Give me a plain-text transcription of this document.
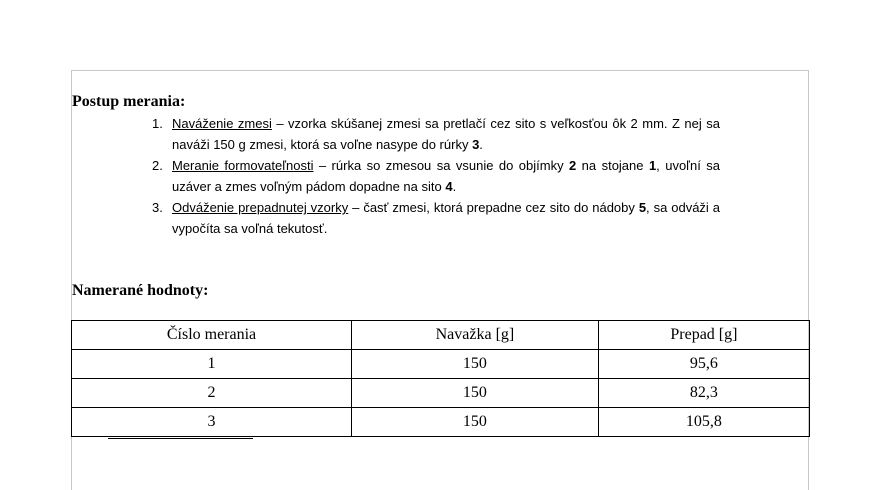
Postup merania:
1. Naváženie zmesi – vzorka skúšanej zmesi sa pretlačí cez sito s veľkosťou ôk 2 mm. Z nej sa naváži 150 g zmesi, ktorá sa voľne nasype do rúrky 3.
2. Meranie formovateľnosti – rúrka so zmesou sa vsunie do objímky 2 na stojane 1, uvoľní sa uzáver a zmes voľným pádom dopadne na sito 4.
3. Odváženie prepadnutej vzorky – časť zmesi, ktorá prepadne cez sito do nádoby 5, sa odváži a vypočíta sa voľná tekutosť.
Namerané hodnoty:
Číslo merania	Navažka [g]	Prepad [g]
1	150	95,6
2	150	82,3
3	150	105,8
